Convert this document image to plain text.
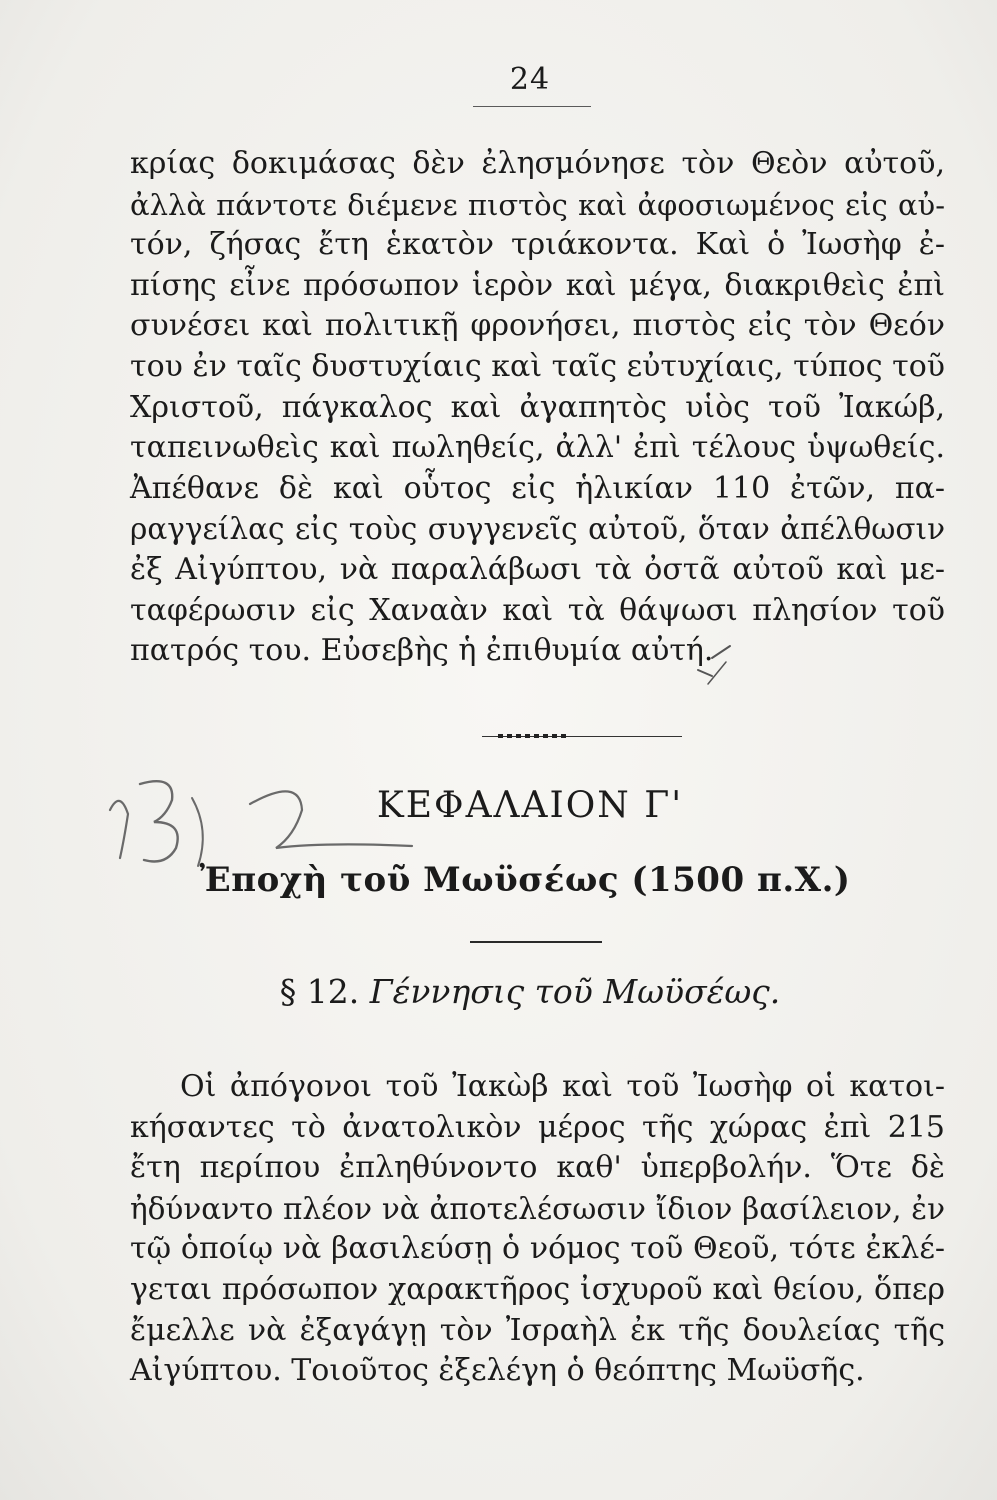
24
κρίας δοκιμάσας δὲν ἐλησμόνησε τὸν Θεὸν αὐτοῦ,
ἀλλὰ πάντοτε διέμενε πιστὸς καὶ ἀφοσιωμένος εἰς αὐ-
τόν, ζήσας ἔτη ἑκατὸν τριάκοντα. Καὶ ὁ Ἰωσὴφ ἐ-
πίσης εἶνε πρόσωπον ἱερὸν καὶ μέγα, διακριθεὶς ἐπὶ
συνέσει καὶ πολιτικῇ φρονήσει, πιστὸς εἰς τὸν Θεόν
του ἐν ταῖς δυστυχίαις καὶ ταῖς εὐτυχίαις, τύπος τοῦ
Χριστοῦ, πάγκαλος καὶ ἀγαπητὸς υἱὸς τοῦ Ἰακώβ,
ταπεινωθεὶς καὶ πωληθείς, ἀλλ' ἐπὶ τέλους ὑψωθείς.
Ἀπέθανε δὲ καὶ οὗτος εἰς ἡλικίαν 110 ἐτῶν, πα-
ραγγείλας εἰς τοὺς συγγενεῖς αὐτοῦ, ὅταν ἀπέλθωσιν
ἐξ Αἰγύπτου, νὰ παραλάβωσι τὰ ὀστᾶ αὐτοῦ καὶ με-
ταφέρωσιν εἰς Χαναὰν καὶ τὰ θάψωσι πλησίον τοῦ
πατρός του. Εὐσεβὴς ἡ ἐπιθυμία αὐτή.
ΚΕΦΑΛΑΙΟΝ Γ'
Ἐποχὴ τοῦ Μωϋσέως (1500 π.Χ.)
§ 12. Γέννησις τοῦ Μωϋσέως.
Οἱ ἀπόγονοι τοῦ Ἰακὼβ καὶ τοῦ Ἰωσὴφ οἱ κατοι-
κήσαντες τὸ ἀνατολικὸν μέρος τῆς χώρας ἐπὶ 215
ἔτη περίπου ἐπληθύνοντο καθ' ὑπερβολήν. Ὅτε δὲ
ἠδύναντο πλέον νὰ ἀποτελέσωσιν ἴδιον βασίλειον, ἐν
τῷ ὁποίῳ νὰ βασιλεύσῃ ὁ νόμος τοῦ Θεοῦ, τότε ἐκλέ-
γεται πρόσωπον χαρακτῆρος ἰσχυροῦ καὶ θείου, ὅπερ
ἔμελλε νὰ ἐξαγάγῃ τὸν Ἰσραὴλ ἐκ τῆς δουλείας τῆς
Αἰγύπτου. Τοιοῦτος ἐξελέγη ὁ θεόπτης Μωϋσῆς.
